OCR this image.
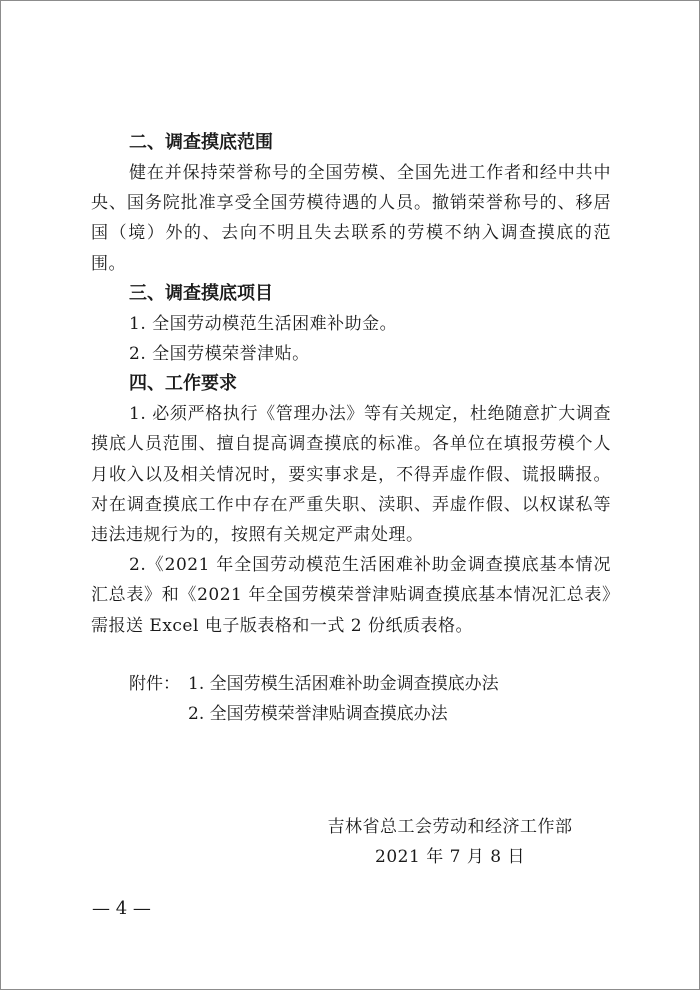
二、调查摸底范围

健在并保持荣誉称号的全国劳模、全国先进工作者和经中共中央、国务院批准享受全国劳模待遇的人员。撤销荣誉称号的、移居国（境）外的、去向不明且失去联系的劳模不纳入调查摸底的范围。

三、调查摸底项目

1. 全国劳动模范生活困难补助金。

2. 全国劳模荣誉津贴。

四、工作要求

1. 必须严格执行《管理办法》等有关规定，杜绝随意扩大调查摸底人员范围、擅自提高调查摸底的标准。各单位在填报劳模个人月收入以及相关情况时，要实事求是，不得弄虚作假、谎报瞒报。对在调查摸底工作中存在严重失职、渎职、弄虚作假、以权谋私等违法违规行为的，按照有关规定严肃处理。

2.《2021 年全国劳动模范生活困难补助金调查摸底基本情况汇总表》和《2021 年全国劳模荣誉津贴调查摸底基本情况汇总表》需报送 Excel 电子版表格和一式 2 份纸质表格。

附件： 1. 全国劳模生活困难补助金调查摸底办法

2. 全国劳模荣誉津贴调查摸底办法

吉林省总工会劳动和经济工作部
2021 年 7 月 8 日
— 4 —
